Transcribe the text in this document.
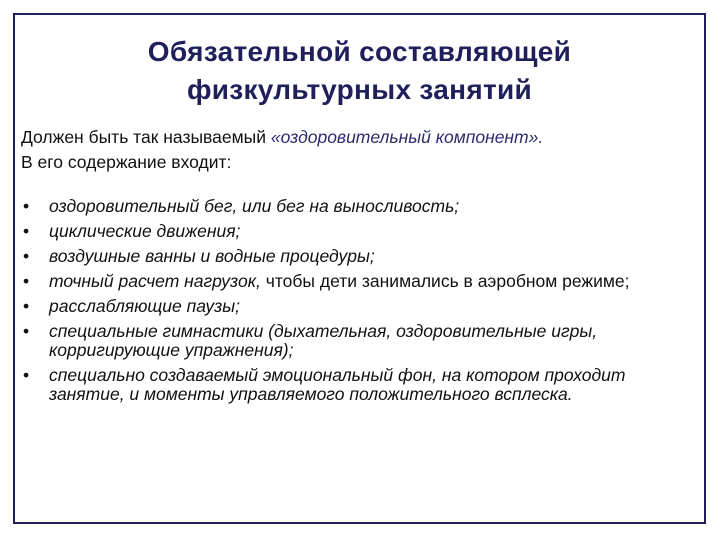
Обязательной составляющей
физкультурных занятий

Должен быть так называемый «оздоровительный компонент».

В его содержание входит:

• оздоровительный бег, или бег на выносливость;
• циклические движения;
• воздушные ванны и водные процедуры;
• точный расчет нагрузок, чтобы дети занимались в аэробном режиме;
• расслабляющие паузы;
• специальные гимнастики (дыхательная, оздоровительные игры, корригирующие упражнения);
• специально создаваемый эмоциональный фон, на котором проходит занятие, и моменты управляемого положительного всплеска.
